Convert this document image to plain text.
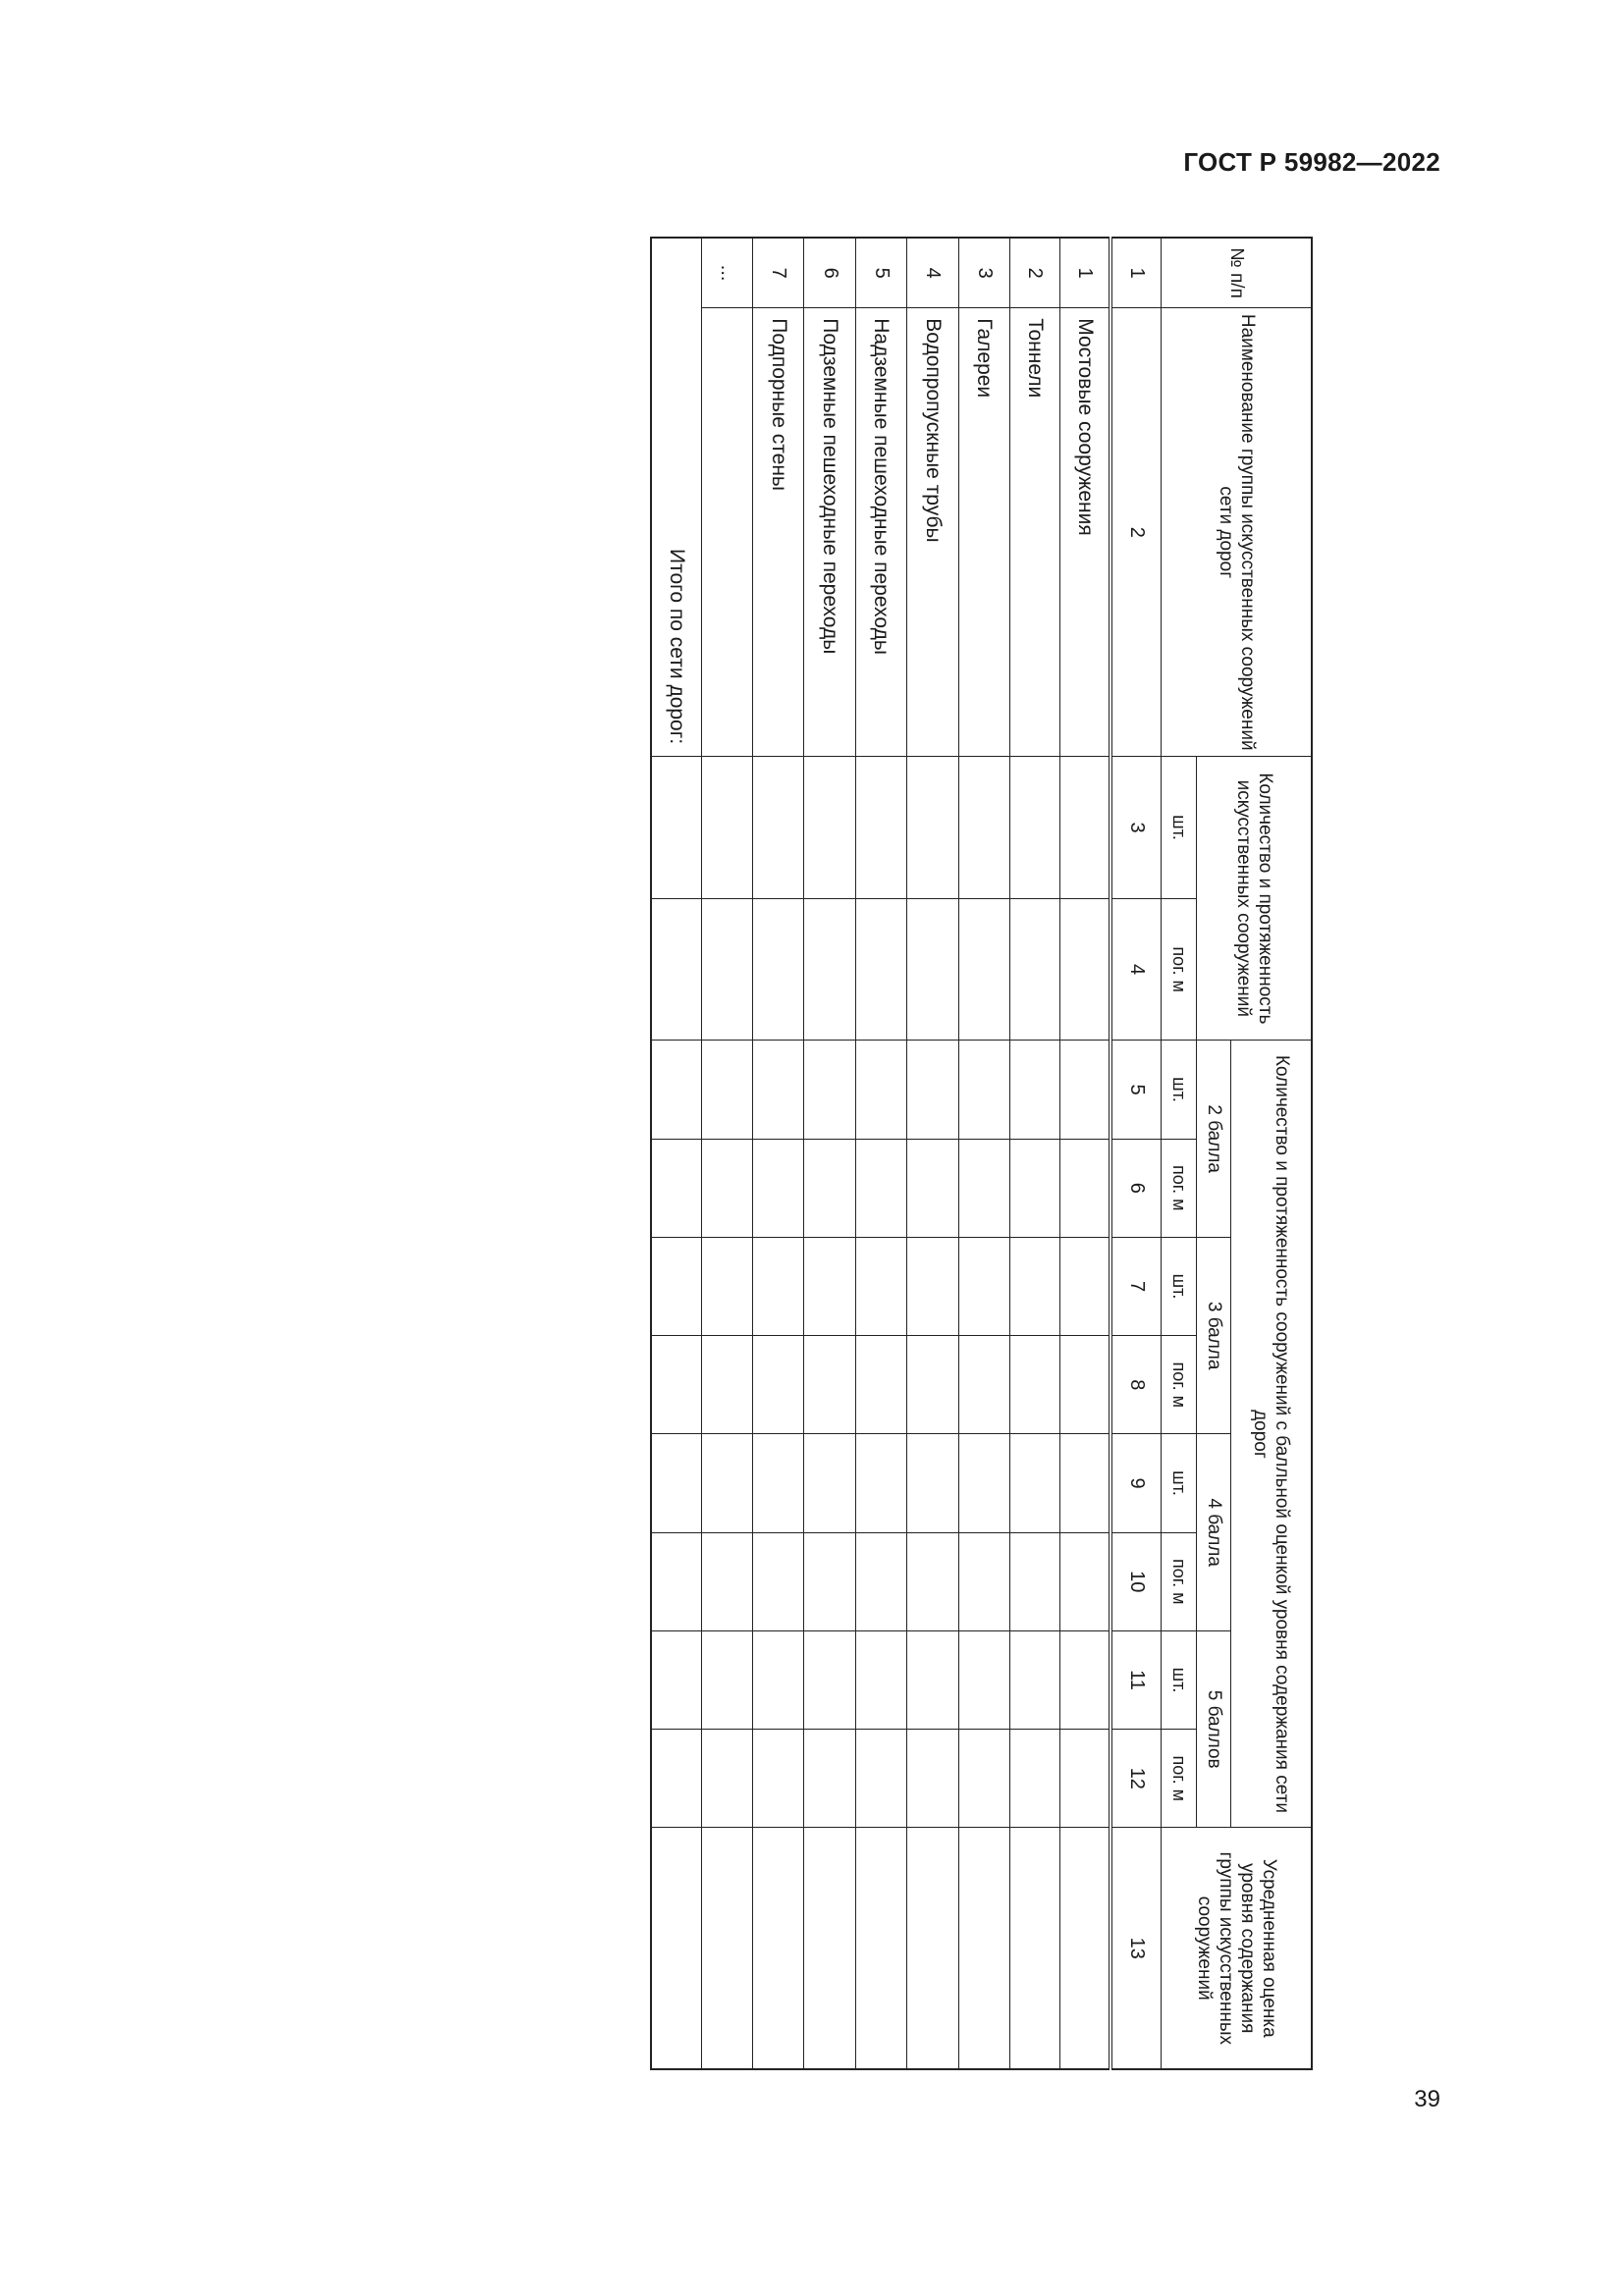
ГОСТ Р 59982—2022
№ п/п	Наименование группы искусственных сооружений сети дорог	Количество и протяженность искусственных сооружений		Количество и протяженность сооружений с балльной оценкой уровня содержания сети дорог								Усредненная оценка уровня содержания группы искусственных сооружений
				2 балла		3 балла		4 балла		5 баллов		
		шт.	пог. м	шт.	пог. м	шт.	пог. м	шт.	пог. м	шт.	пог. м	
1	2	3	4	5	6	7	8	9	10	11	12	13
1	Мостовые сооружения											
2	Тоннели											
3	Галереи											
4	Водопропускные трубы											
5	Надземные пешеходные переходы											
6	Подземные пешеходные переходы											
7	Подпорные стены											
...												
Итого по сети дорог:												
39
